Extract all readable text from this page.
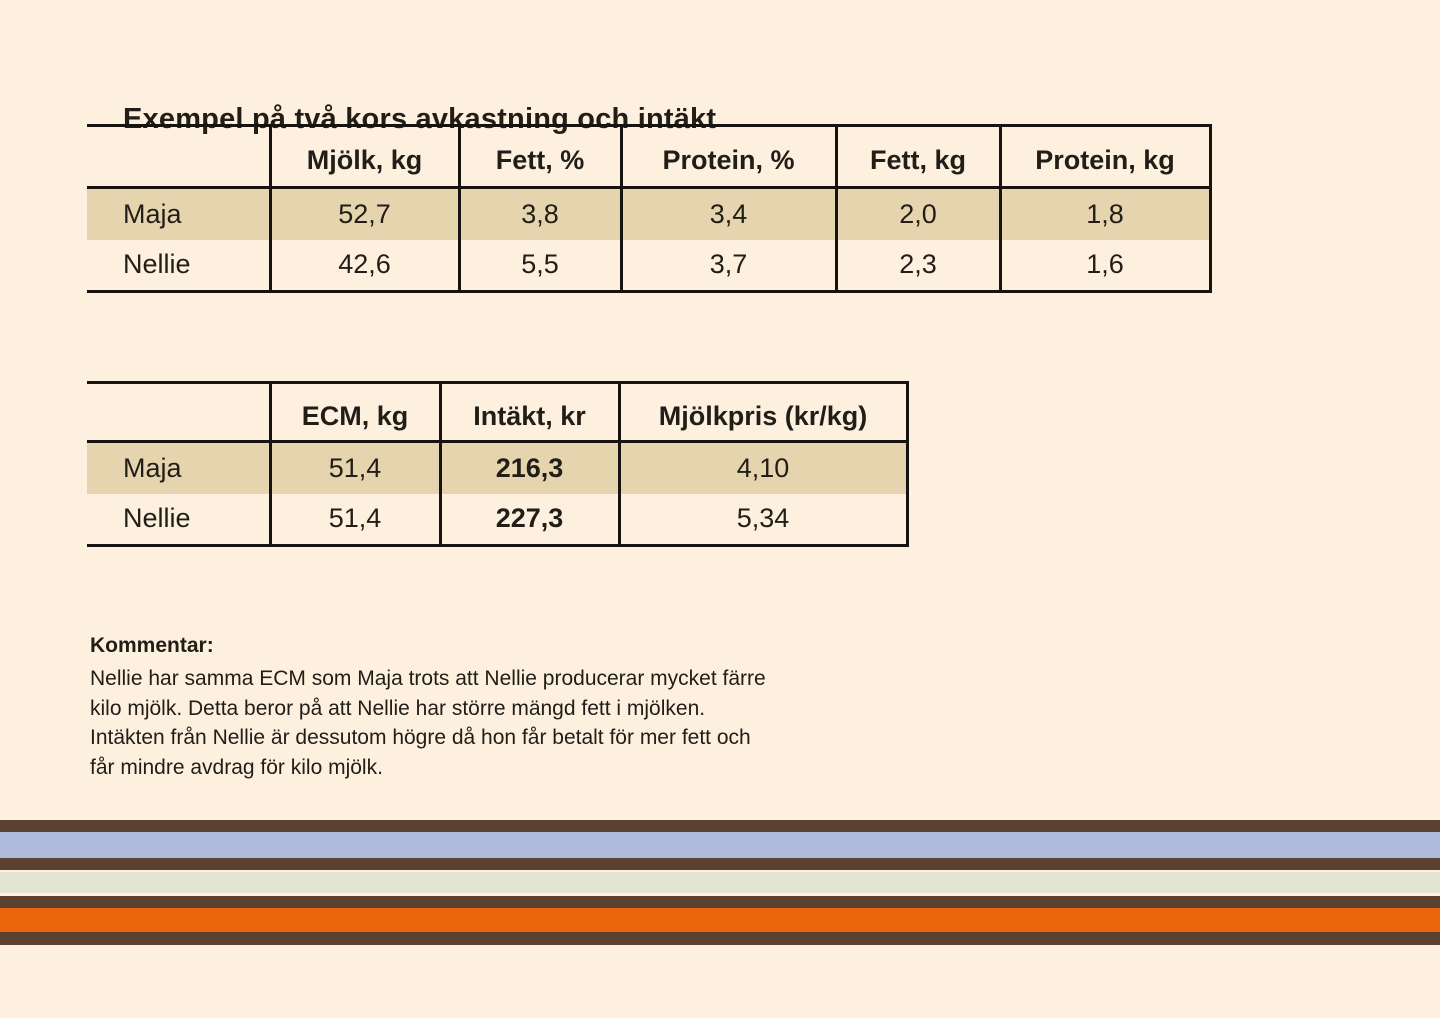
Exempel på två kors avkastning och intäkt
	Mjölk, kg	Fett, %	Protein, %	Fett, kg	Protein, kg
Maja	52,7	3,8	3,4	2,0	1,8
Nellie	42,6	5,5	3,7	2,3	1,6
	ECM, kg	Intäkt, kr	Mjölkpris (kr/kg)
Maja	51,4	216,3	4,10
Nellie	51,4	227,3	5,34

Kommentar:

Nellie har samma ECM som Maja trots att Nellie producerar mycket färre
kilo mjölk. Detta beror på att Nellie har större mängd fett i mjölken.
Intäkten från Nellie är dessutom högre då hon får betalt för mer fett och
får mindre avdrag för kilo mjölk.
